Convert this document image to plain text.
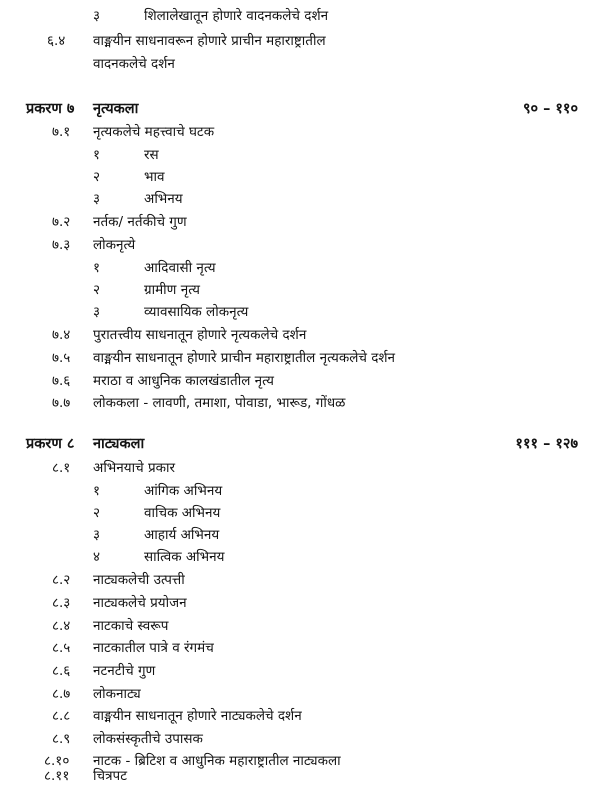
३	शिलालेखातून होणारे वादनकलेचे दर्शन
६.४ वाङ्मयीन साधनावरून होणारे प्राचीन महाराष्ट्रातील
वादनकलेचे दर्शन
प्रकरण ७ नृत्यकला	९० – ११०
७.१ नृत्यकलेचे महत्त्वाचे घटक
१	रस
२	भाव
३	अभिनय
७.२ नर्तक/ नर्तकीचे गुण
७.३ लोकनृत्ये
१	आदिवासी नृत्य
२	ग्रामीण नृत्य
३	व्यावसायिक लोकनृत्य
७.४ पुरातत्त्वीय साधनातून होणारे नृत्यकलेचे दर्शन
७.५ वाङ्मयीन साधनातून होणारे प्राचीन महाराष्ट्रातील नृत्यकलेचे दर्शन
७.६ मराठा व आधुनिक कालखंडातील नृत्य
७.७ लोककला - लावणी, तमाशा, पोवाडा, भारूड, गोंधळ
प्रकरण ८ नाट्यकला	१११ – १२७
८.१ अभिनयाचे प्रकार
१	आंगिक अभिनय
२	वाचिक अभिनय
३	आहार्य अभिनय
४	सात्विक अभिनय
८.२ नाट्यकलेची उत्पत्ती
८.३ नाट्यकलेचे प्रयोजन
८.४ नाटकाचे स्वरूप
८.५ नाटकातील पात्रे व रंगमंच
८.६ नटनटीचे गुण
८.७ लोकनाट्य
८.८ वाङ्मयीन साधनातून होणारे नाट्यकलेचे दर्शन
८.९ लोकसंस्कृतीचे उपासक
८.१० नाटक - ब्रिटिश व आधुनिक महाराष्ट्रातील नाट्यकला
८.११ चित्रपट
